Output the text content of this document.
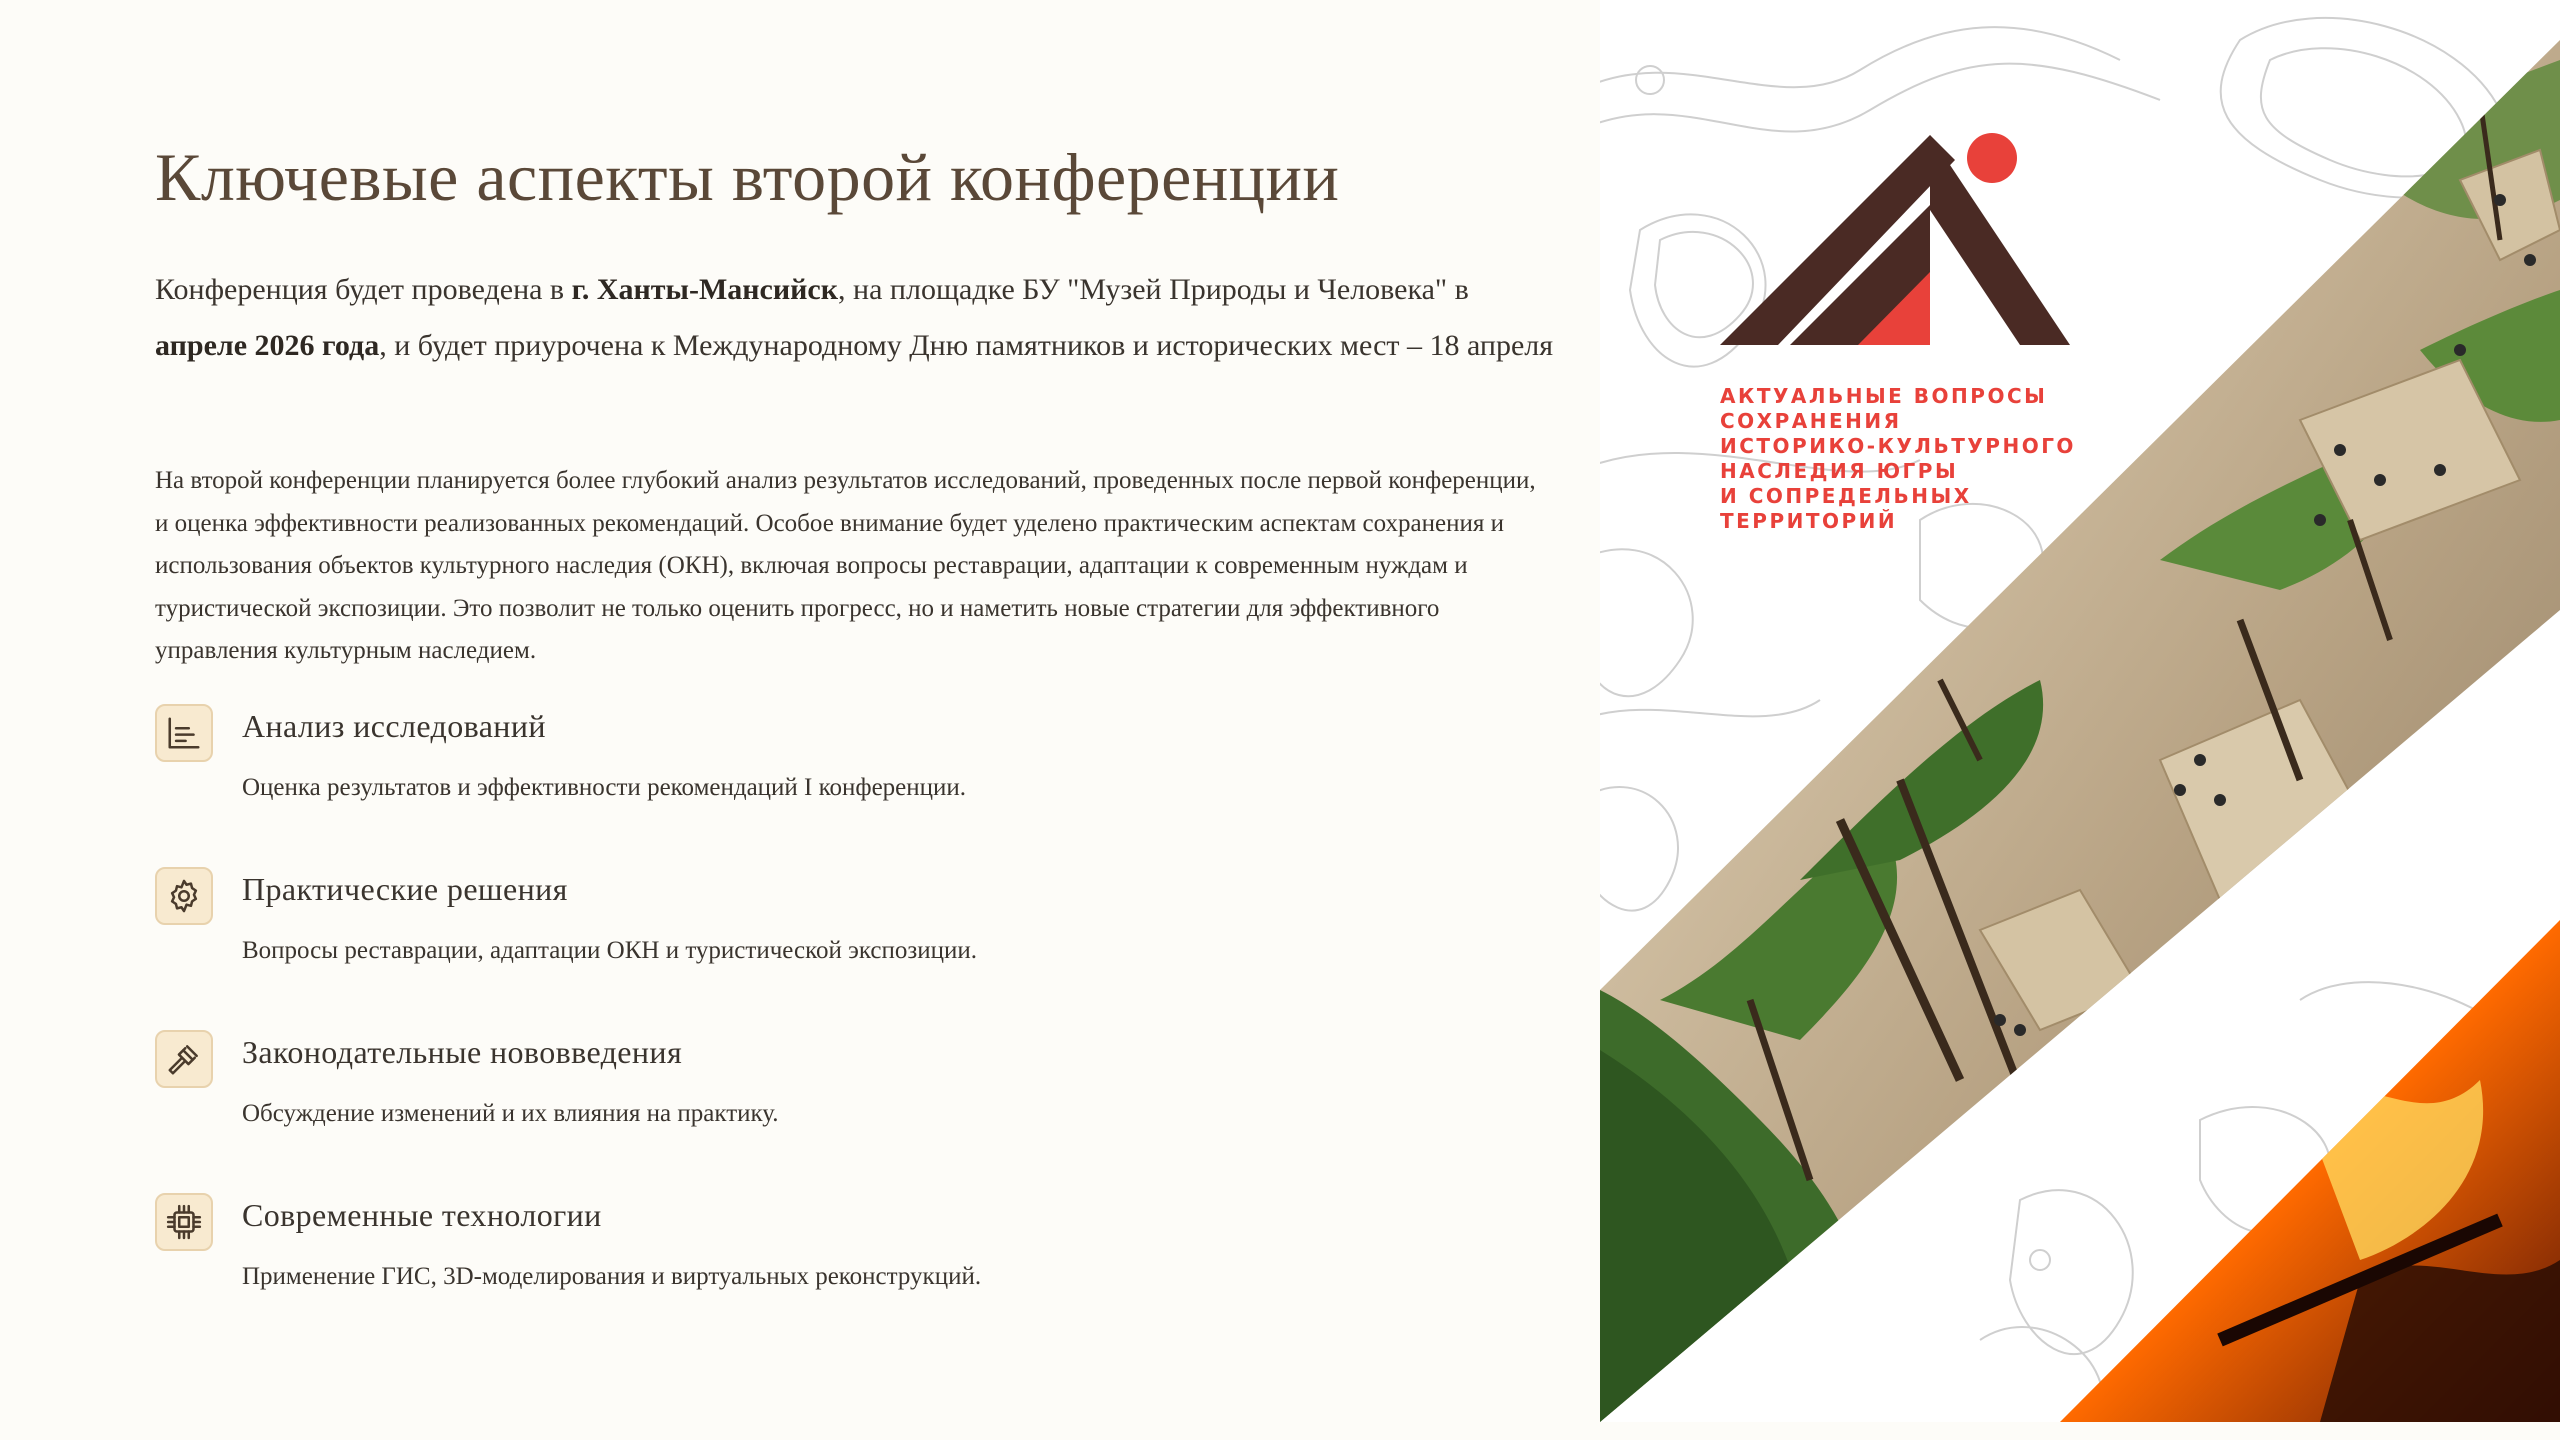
Ключевые аспекты второй конференции
Конференция будет проведена в г. Ханты-Мансийск, на площадке БУ "Музей Природы и Человека" в апреле 2026 года, и будет приурочена к Международному Дню памятников и исторических мест – 18 апреля
На второй конференции планируется более глубокий анализ результатов исследований, проведенных после первой конференции, и оценка эффективности реализованных рекомендаций. Особое внимание будет уделено практическим аспектам сохранения и использования объектов культурного наследия (ОКН), включая вопросы реставрации, адаптации к современным нуждам и туристической экспозиции. Это позволит не только оценить прогресс, но и наметить новые стратегии для эффективного управления культурным наследием.
Анализ исследований
Оценка результатов и эффективности рекомендаций I конференции.
Практические решения
Вопросы реставрации, адаптации ОКН и туристической экспозиции.
Законодательные нововведения
Обсуждение изменений и их влияния на практику.
Современные технологии
Применение ГИС, 3D-моделирования и виртуальных реконструкций.
АКТУАЛЬНЫЕ ВОПРОСЫ
СОХРАНЕНИЯ
ИСТОРИКО-КУЛЬТУРНОГО
НАСЛЕДИЯ ЮГРЫ
И СОПРЕДЕЛЬНЫХ
ТЕРРИТОРИЙ
